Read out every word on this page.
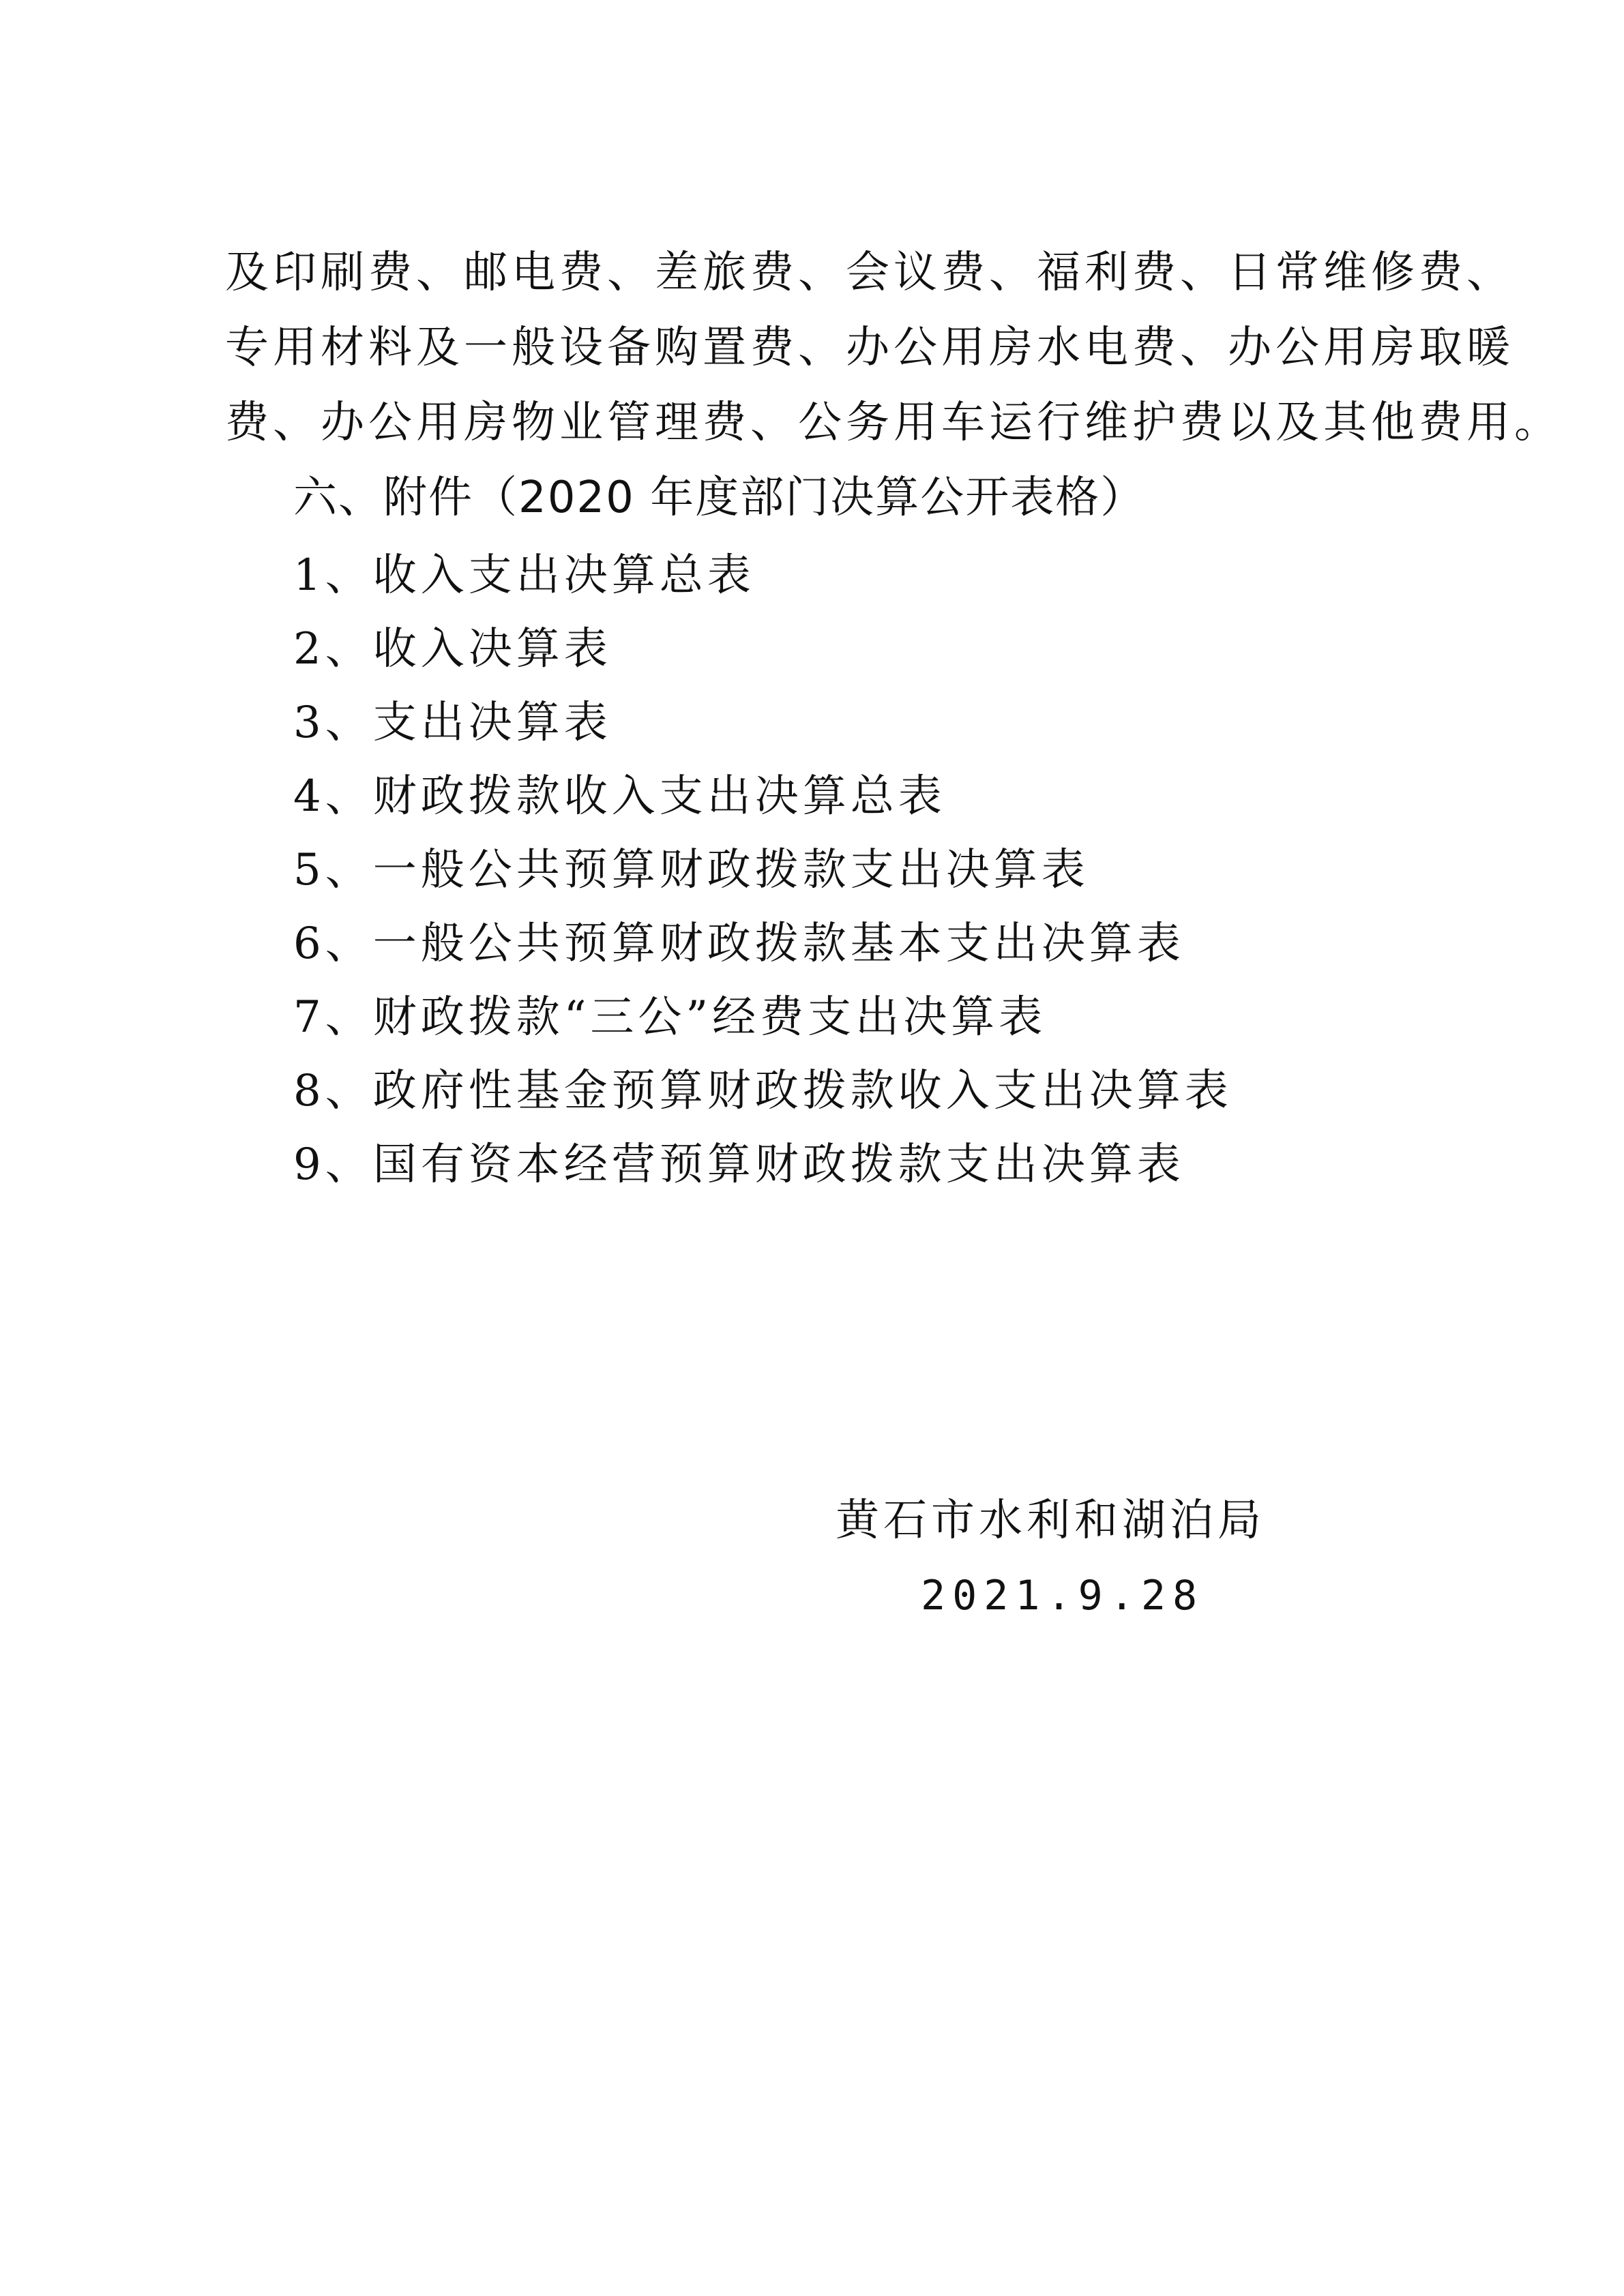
及印刷费、邮电费、差旅费、会议费、福利费、日常维修费、
专用材料及一般设备购置费、办公用房水电费、办公用房取暖
费、办公用房物业管理费、公务用车运行维护费以及其他费用。
六、附件（2020 年度部门决算公开表格）
1、收入支出决算总表
2、收入决算表
3、支出决算表
4、财政拨款收入支出决算总表
5、一般公共预算财政拨款支出决算表
6、一般公共预算财政拨款基本支出决算表
7、财政拨款“三公”经费支出决算表
8、政府性基金预算财政拨款收入支出决算表
9、国有资本经营预算财政拨款支出决算表
黄石市水利和湖泊局
2021.9.28
